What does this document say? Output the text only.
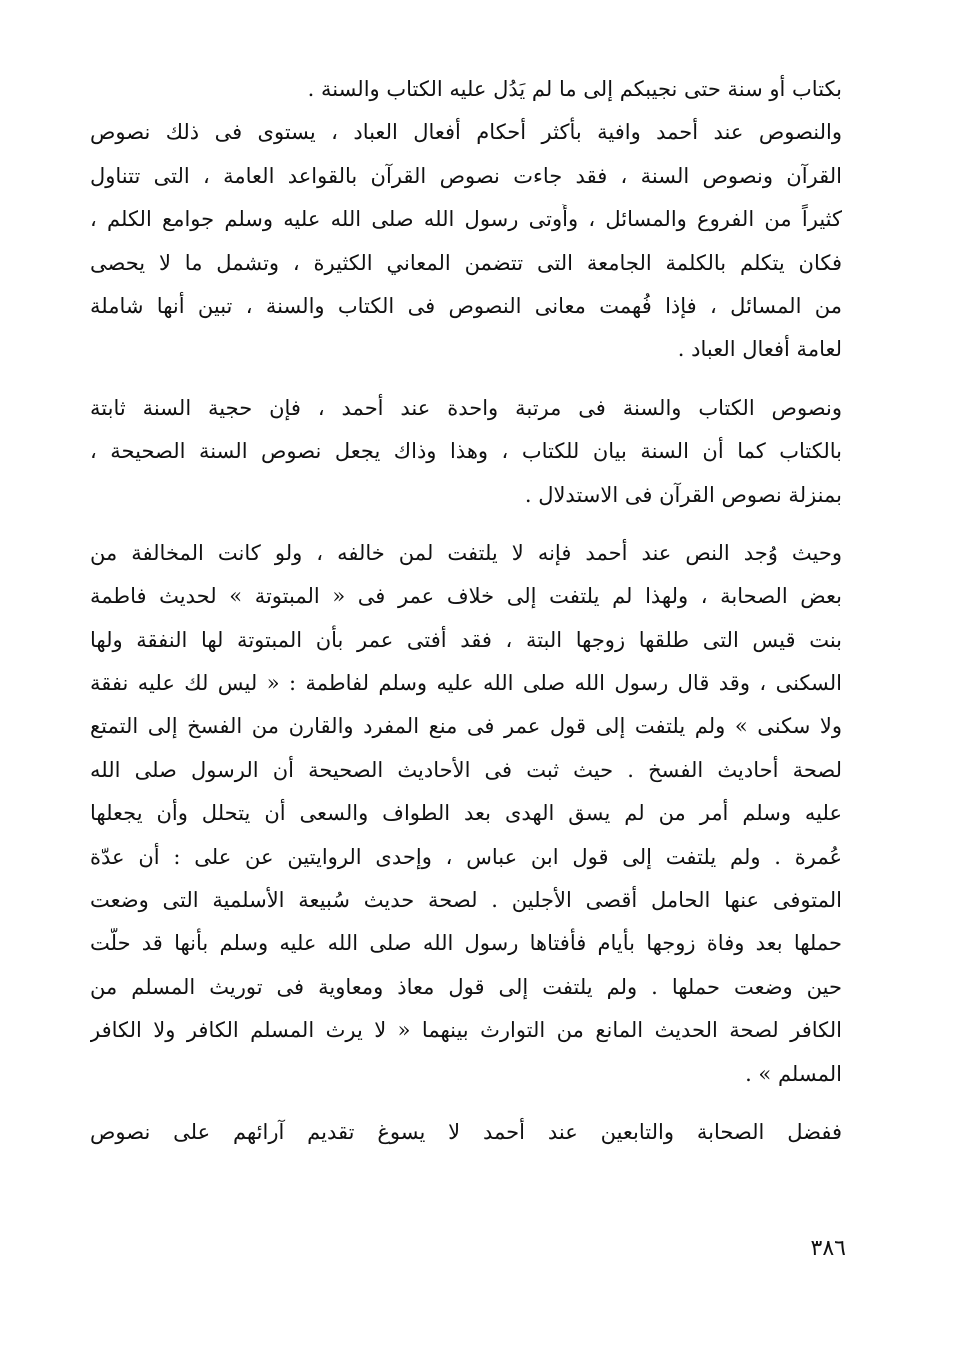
بكتاب أو سنة حتى نجيبكم إلى ما لم يَدُل عليه الكتاب والسنة .
والنصوص عند أحمد وافية بأكثر أحكام أفعال العباد ، يستوى فى ذلك نصوص
القرآن ونصوص السنة ، فقد جاءت نصوص القرآن بالقواعد العامة ، التى تتناول
كثيراً من الفروع والمسائل ، وأُوتى رسول الله صلى الله عليه وسلم جوامع الكلم ،
فكان يتكلم بالكلمة الجامعة التى تتضمن المعاني الكثيرة ، وتشمل ما لا يحصى
من المسائل ، فإذا فُهمت معانى النصوص فى الكتاب والسنة ، تبين أنها شاملة
لعامة أفعال العباد .
ونصوص الكتاب والسنة فى مرتبة واحدة عند أحمد ، فإن حجية السنة ثابتة
بالكتاب كما أن السنة بيان للكتاب ، وهذا وذاك يجعل نصوص السنة الصحيحة ،
بمنزلة نصوص القرآن فى الاستدلال .
وحيث وُجد النص عند أحمد فإنه لا يلتفت لمن خالفه ، ولو كانت المخالفة من
بعض الصحابة ، ولهذا لم يلتفت إلى خلاف عمر فى « المبتوتة » لحديث فاطمة
بنت قيس التى طلقها زوجها البتة ، فقد أفتى عمر بأن المبتوتة لها النفقة ولها
السكنى ، وقد قال رسول الله صلى الله عليه وسلم لفاطمة : « ليس لك عليه نفقة
ولا سكنى » ولم يلتفت إلى قول عمر فى منع المفرد والقارن من الفسخ إلى التمتع
لصحة أحاديث الفسخ . حيث ثبت فى الأحاديث الصحيحة أن الرسول صلى الله
عليه وسلم أمر من لم يسق الهدى بعد الطواف والسعى أن يتحلل وأن يجعلها
عُمرة . ولم يلتفت إلى قول ابن عباس ، وإحدى الروايتين عن على : أن عدّة
المتوفى عنها الحامل أقصى الأجلين . لصحة حديث سُبيعة الأسلمية التى وضعت
حملها بعد وفاة زوجها بأيام فأفتاها رسول الله صلى الله عليه وسلم بأنها قد حلّت
حين وضعت حملها . ولم يلتفت إلى قول معاذ ومعاوية فى توريث المسلم من
الكافر لصحة الحديث المانع من التوارث بينهما « لا يرث المسلم الكافر ولا الكافر
المسلم » .
ففضل الصحابة والتابعين عند أحمد لا يسوغ تقديم آرائهم على نصوص
٣٨٦
